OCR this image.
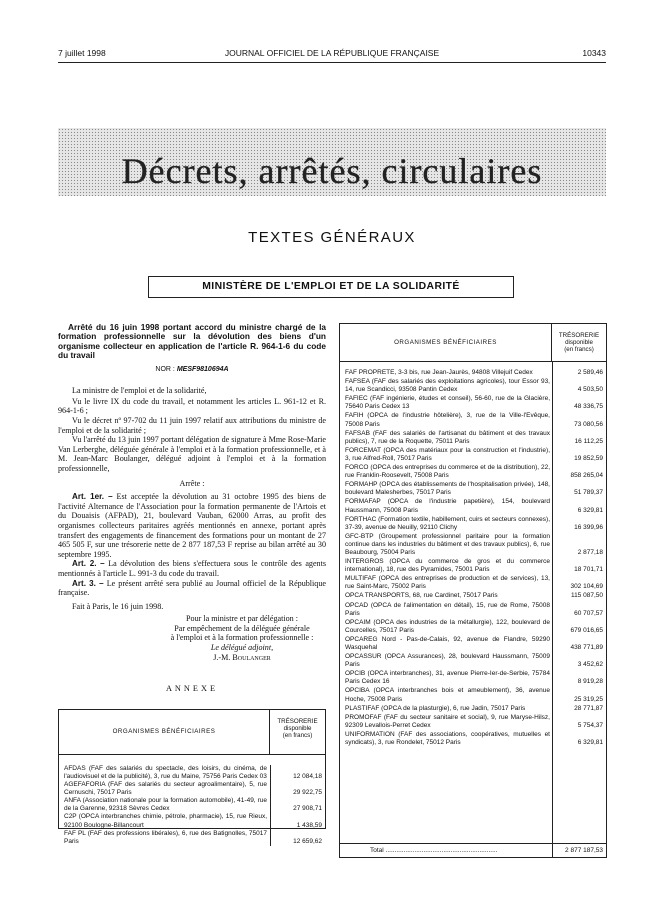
7 juillet 1998	JOURNAL OFFICIEL DE LA RÉPUBLIQUE FRANÇAISE	10343
Décrets, arrêtés, circulaires
TEXTES GÉNÉRAUX
MINISTÈRE DE L'EMPLOI ET DE LA SOLIDARITÉ
Arrêté du 16 juin 1998 portant accord du ministre chargé de la formation professionnelle sur la dévolution des biens d'un organisme collecteur en application de l'article R. 964-1-6 du code du travail
NOR : MESF9810694A

La ministre de l'emploi et de la solidarité,

Vu le livre IX du code du travail, et notamment les articles L. 961-12 et R. 964-1-6 ;

Vu le décret nº 97-702 du 11 juin 1997 relatif aux attributions du ministre de l'emploi et de la solidarité ;

Vu l'arrêté du 13 juin 1997 portant délégation de signature à Mme Rose-Marie Van Lerberghe, déléguée générale à l'emploi et à la formation professionnelle, et à M. Jean-Marc Boulanger, délégué adjoint à l'emploi et à la formation professionnelle,

Arrête :

Art. 1er. – Est acceptée la dévolution au 31 octobre 1995 des biens de l'activité Alternance de l'Association pour la formation permanente de l'Artois et du Douaisis (AFPAD), 21, boulevard Vauban, 62000 Arras, au profit des organismes collecteurs paritaires agréés mentionnés en annexe, portant après transfert des engagements de financement des formations pour un montant de 27 465 505 F, sur une trésorerie nette de 2 877 187,53 F reprise au bilan arrêté au 30 septembre 1995.

Art. 2. – La dévolution des biens s'effectuera sous le contrôle des agents mentionnés à l'article L. 991-3 du code du travail.

Art. 3. – Le présent arrêté sera publié au Journal officiel de la République française.

Fait à Paris, le 16 juin 1998.

Pour la ministre et par délégation :

Par empêchement de la déléguée générale

à l'emploi et à la formation professionnelle :

Le délégué adjoint,

J.-M. Boulanger

ANNEXE
ORGANISMES BÉNÉFICIAIRES
TRÉSORERIE
disponible
(en francs)
AFDAS (FAF des salariés du spectacle, des loisirs, du cinéma, de l'audiovisuel et de la publicité), 3, rue du Maine, 75756 Paris Cedex 03	12 084,18
AGEFAFORIA (FAF des salariés du secteur agroalimentaire), 5, rue Cernuschi, 75017 Paris	29 922,75
ANFA (Association nationale pour la formation automobile), 41-49, rue de la Garenne, 92318 Sèvres Cedex	27 908,71
C2P (OPCA interbranches chimie, pétrole, pharmacie), 15, rue Rieux, 92100 Boulogne-Billancourt	1 438,59
FAF PL (FAF des professions libérales), 6, rue des Batignolles, 75017 Paris	12 659,62
ORGANISMES BÉNÉFICIAIRES
TRÉSORERIE
disponible
(en francs)
FAF PROPRETE, 3-3 bis, rue Jean-Jaurès, 94808 Villejuif Cedex	2 589,46
FAFSEA (FAF des salariés des exploitations agricoles), tour Essor 93, 14, rue Scandicci, 93508 Pantin Cedex	4 503,50
FAFIEC (FAF ingénierie, études et conseil), 56-60, rue de la Glacière, 75640 Paris Cedex 13	48 336,75
FAFIH (OPCA de l'industrie hôtelière), 3, rue de la Ville-l'Evêque, 75008 Paris	73 080,56
FAFSAB (FAF des salariés de l'artisanat du bâtiment et des travaux publics), 7, rue de la Roquette, 75011 Paris	16 112,25
FORCEMAT (OPCA des matériaux pour la construction et l'industrie), 3, rue Alfred-Roll, 75017 Paris	19 852,59
FORCO (OPCA des entreprises du commerce et de la distribution), 22, rue Franklin-Roosevelt, 75008 Paris	858 265,04
FORMAHP (OPCA des établissements de l'hospitalisation privée), 148, boulevard Malesherbes, 75017 Paris	51 789,37
FORMAFAP (OPCA de l'industrie papetière), 154, boulevard Haussmann, 75008 Paris	6 329,81
FORTHAC (Formation textile, habillement, cuirs et secteurs connexes), 37-39, avenue de Neuilly, 92110 Clichy	16 399,96
GFC-BTP (Groupement professionnel paritaire pour la formation continue dans les industries du bâtiment et des travaux publics), 6, rue Beaubourg, 75004 Paris	2 877,18
INTERGROS (OPCA du commerce de gros et du commerce international), 18, rue des Pyramides, 75001 Paris	18 701,71
MULTIFAF (OPCA des entreprises de production et de services), 13, rue Saint-Marc, 75002 Paris	302 104,69
OPCA TRANSPORTS, 68, rue Cardinet, 75017 Paris	115 087,50
OPCAD (OPCA de l'alimentation en détail), 15, rue de Rome, 75008 Paris	60 707,57
OPCAIM (OPCA des industries de la métallurgie), 122, boulevard de Courcelles, 75017 Paris	679 016,65
OPCAREG Nord - Pas-de-Calais, 92, avenue de Flandre, 59290 Wasquehal	438 771,89
OPCASSUR (OPCA Assurances), 28, boulevard Haussmann, 75009 Paris	3 452,62
OPCIB (OPCA interbranches), 31, avenue Pierre-Ier-de-Serbie, 75784 Paris Cedex 16	8 919,28
OPCIBA (OPCA interbranches bois et ameublement), 36, avenue Hoche, 75008 Paris	25 319,25
PLASTIFAF (OPCA de la plasturgie), 6, rue Jadin, 75017 Paris	28 771,87
PROMOFAF (FAF du secteur sanitaire et social), 9, rue Maryse-Hilsz, 92309 Levallois-Perret Cedex	5 754,37
UNIFORMATION (FAF des associations, coopératives, mutuelles et syndicats), 3, rue Rondelet, 75012 Paris	6 329,81
Total ..............................................................	2 877 187,53
